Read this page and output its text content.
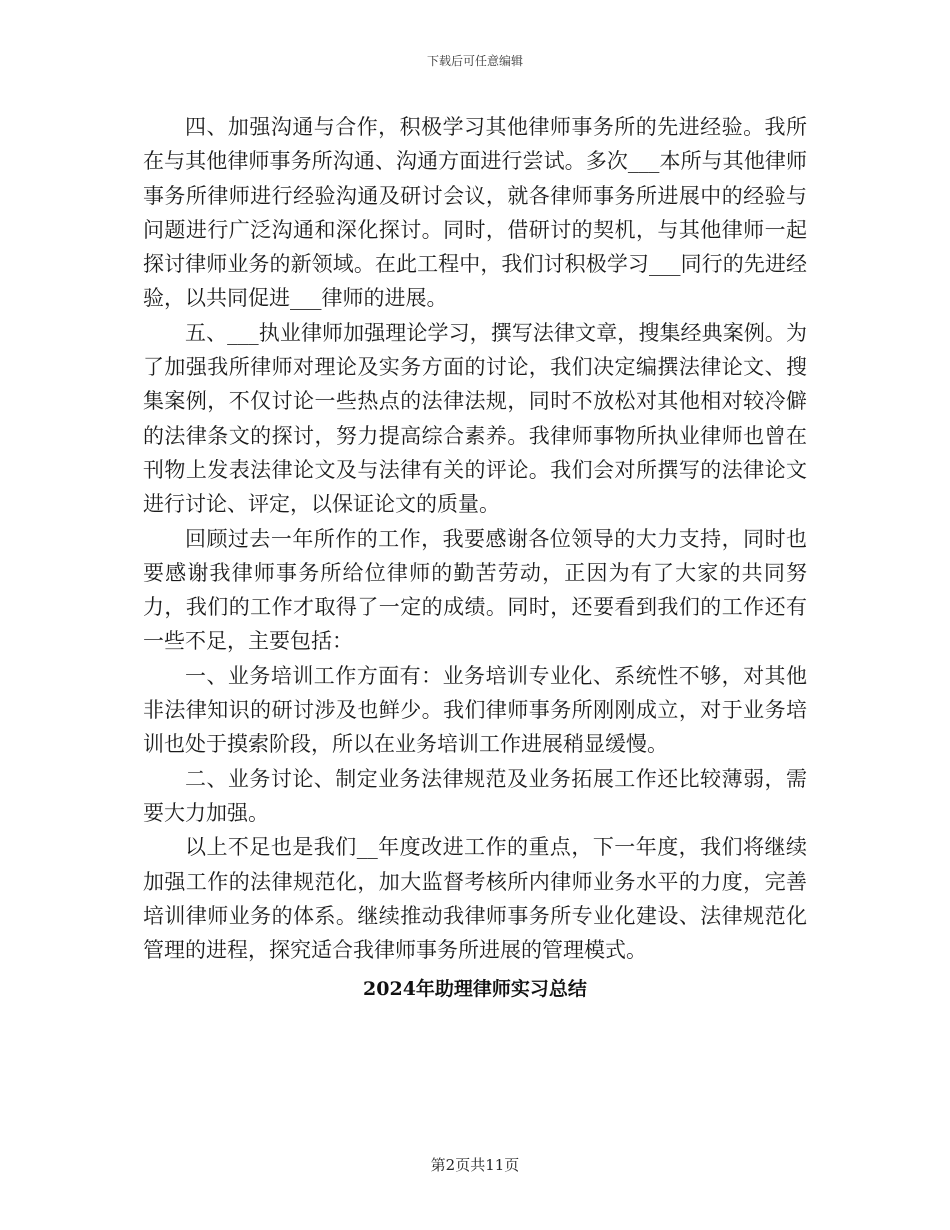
下载后可任意编辑

四、加强沟通与合作，积极学习其他律师事务所的先进经验。我所在与其他律师事务所沟通、沟通方面进行尝试。多次___本所与其他律师事务所律师进行经验沟通及研讨会议，就各律师事务所进展中的经验与问题进行广泛沟通和深化探讨。同时，借研讨的契机，与其他律师一起探讨律师业务的新领域。在此工程中，我们讨积极学习___同行的先进经验，以共同促进___律师的进展。

五、___执业律师加强理论学习，撰写法律文章，搜集经典案例。为了加强我所律师对理论及实务方面的讨论，我们决定编撰法律论文、搜集案例，不仅讨论一些热点的法律法规，同时不放松对其他相对较冷僻的法律条文的探讨，努力提高综合素养。我律师事物所执业律师也曾在刊物上发表法律论文及与法律有关的评论。我们会对所撰写的法律论文进行讨论、评定，以保证论文的质量。

回顾过去一年所作的工作，我要感谢各位领导的大力支持，同时也要感谢我律师事务所给位律师的勤苦劳动，正因为有了大家的共同努力，我们的工作才取得了一定的成绩。同时，还要看到我们的工作还有一些不足，主要包括：

一、业务培训工作方面有：业务培训专业化、系统性不够，对其他非法律知识的研讨涉及也鲜少。我们律师事务所刚刚成立，对于业务培训也处于摸索阶段，所以在业务培训工作进展稍显缓慢。

二、业务讨论、制定业务法律规范及业务拓展工作还比较薄弱，需要大力加强。

以上不足也是我们__年度改进工作的重点，下一年度，我们将继续加强工作的法律规范化，加大监督考核所内律师业务水平的力度，完善培训律师业务的体系。继续推动我律师事务所专业化建设、法律规范化管理的进程，探究适合我律师事务所进展的管理模式。

2024年助理律师实习总结
第2页共11页
